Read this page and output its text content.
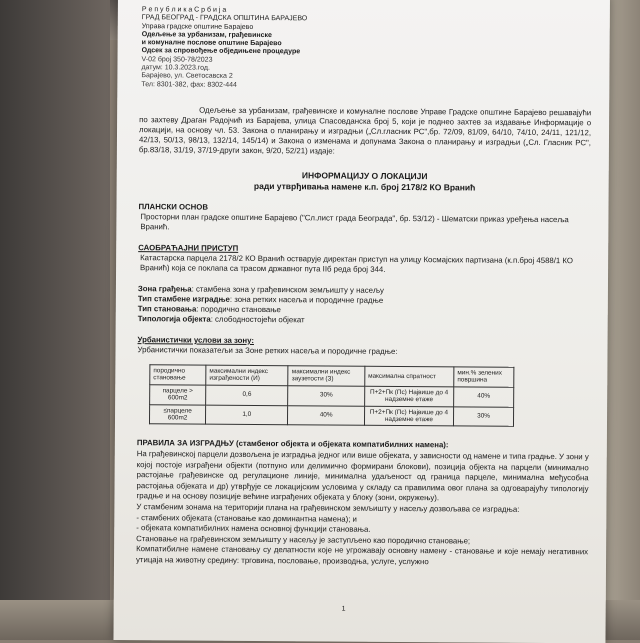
Р е п у б л и к а С р б и ј а
ГРАД БЕОГРАД - ГРАДСКА ОПШТИНА БАРАЈЕВО
Управа градске општине Барајево
Одељење за урбанизам, грађевинске
и комуналне послове општине Барајево
Одсек за спровођење обједињене процедуре
V-02 број 350-78/2023
датум: 10.3.2023.год.
Барајево, ул. Светосавска 2
Тел: 8301-382, фах: 8302-444
Одељење за урбанизам, грађевинске и комуналне послове Управе Градске општине Барајево решавајући по захтеву Драган Радојчић из Барајева, улица Спасовданска број 5, који је поднео захтев за издавање Информације о локацији, на основу чл. 53. Закона о планирању и изградњи („Сл.гласник РС",бр. 72/09, 81/09, 64/10, 74/10, 24/11, 121/12, 42/13, 50/13, 98/13, 132/14, 145/14) и Закона о изменама и допунама Закона о планирању и изградњи („Сл. Гласник РС", бр.83/18, 31/19, 37/19-други закон, 9/20, 52/21) издаје:
ИНФОРМАЦИЈУ О ЛОКАЦИЈИ
ради утврђивања намене к.п. број 2178/2 КО Вранић
ПЛАНСКИ ОСНОВ
Просторни план градске општине Барајево ("Сл.лист града Београда", бр. 53/12) - Шематски приказ уређења насеља Вранић.
САОБРАЋАЈНИ ПРИСТУП
Катастарска парцела 2178/2 КО Вранић остварује директан приступ на улицу Космајских партизана (к.п.број 4588/1 КО Вранић) која се поклапа са трасом државног пута IIб реда број 344.
Зона грађења: стамбена зона у грађевинском земљишту у насељу
Тип стамбене изградње: зона ретких насеља и породичне градње
Тип становања: породично становање
Типологија објекта: слободностојећи објекат
Урбанистички услови за зону:
Урбанистички показатељи за Зоне ретких насеља и породичне градње:
породично становање	максимални индекс изграђености (И)	максимални индекс заузетости (З)	максимална спратност	мин.% зелених површина
парцеле > 600m2	0,6	30%	П+2+Пк (Пс) Највише до 4 надземне етаже	40%
≤парцеле 600m2	1,0	40%	П+2+Пк (Пс) Највише до 4 надземне етаже	30%
ПРАВИЛА ЗА ИЗГРАДЊУ (стамбеног објекта и објеката компатибилних намена):
На грађевинској парцели дозвољена је изградња једног или више објеката, у зависности од намене и типа градње. У зони у којој постоје изграђени објекти (потпуно или делимично формирани блокови), позиција објекта на парцели (минимално растојање грађевинске од регулационе линије, минимална удаљеност од граница парцеле, минимална међусобна растојања објеката и др) утврђује се локацијским условима у складу са правилима овог плана за одговарајућу типологију градње и на основу позиције већине изграђених објеката у блоку (зони, окружењу).
У стамбеним зонама на територији плана на грађевинском земљишту у насељу дозвољава се изградња:
- стамбених објеката (становање као доминантна намена); и
- објеката компатибилних намена основној функцији становања.
Становање на грађевинском земљишту у насељу је заступљено као породично становање;
Компатибилне намене становању су делатности које не угрожавају основну намену - становање и које немају негативних утицаја на животну средину: трговина, пословање, производња, услуге, услужно
1
